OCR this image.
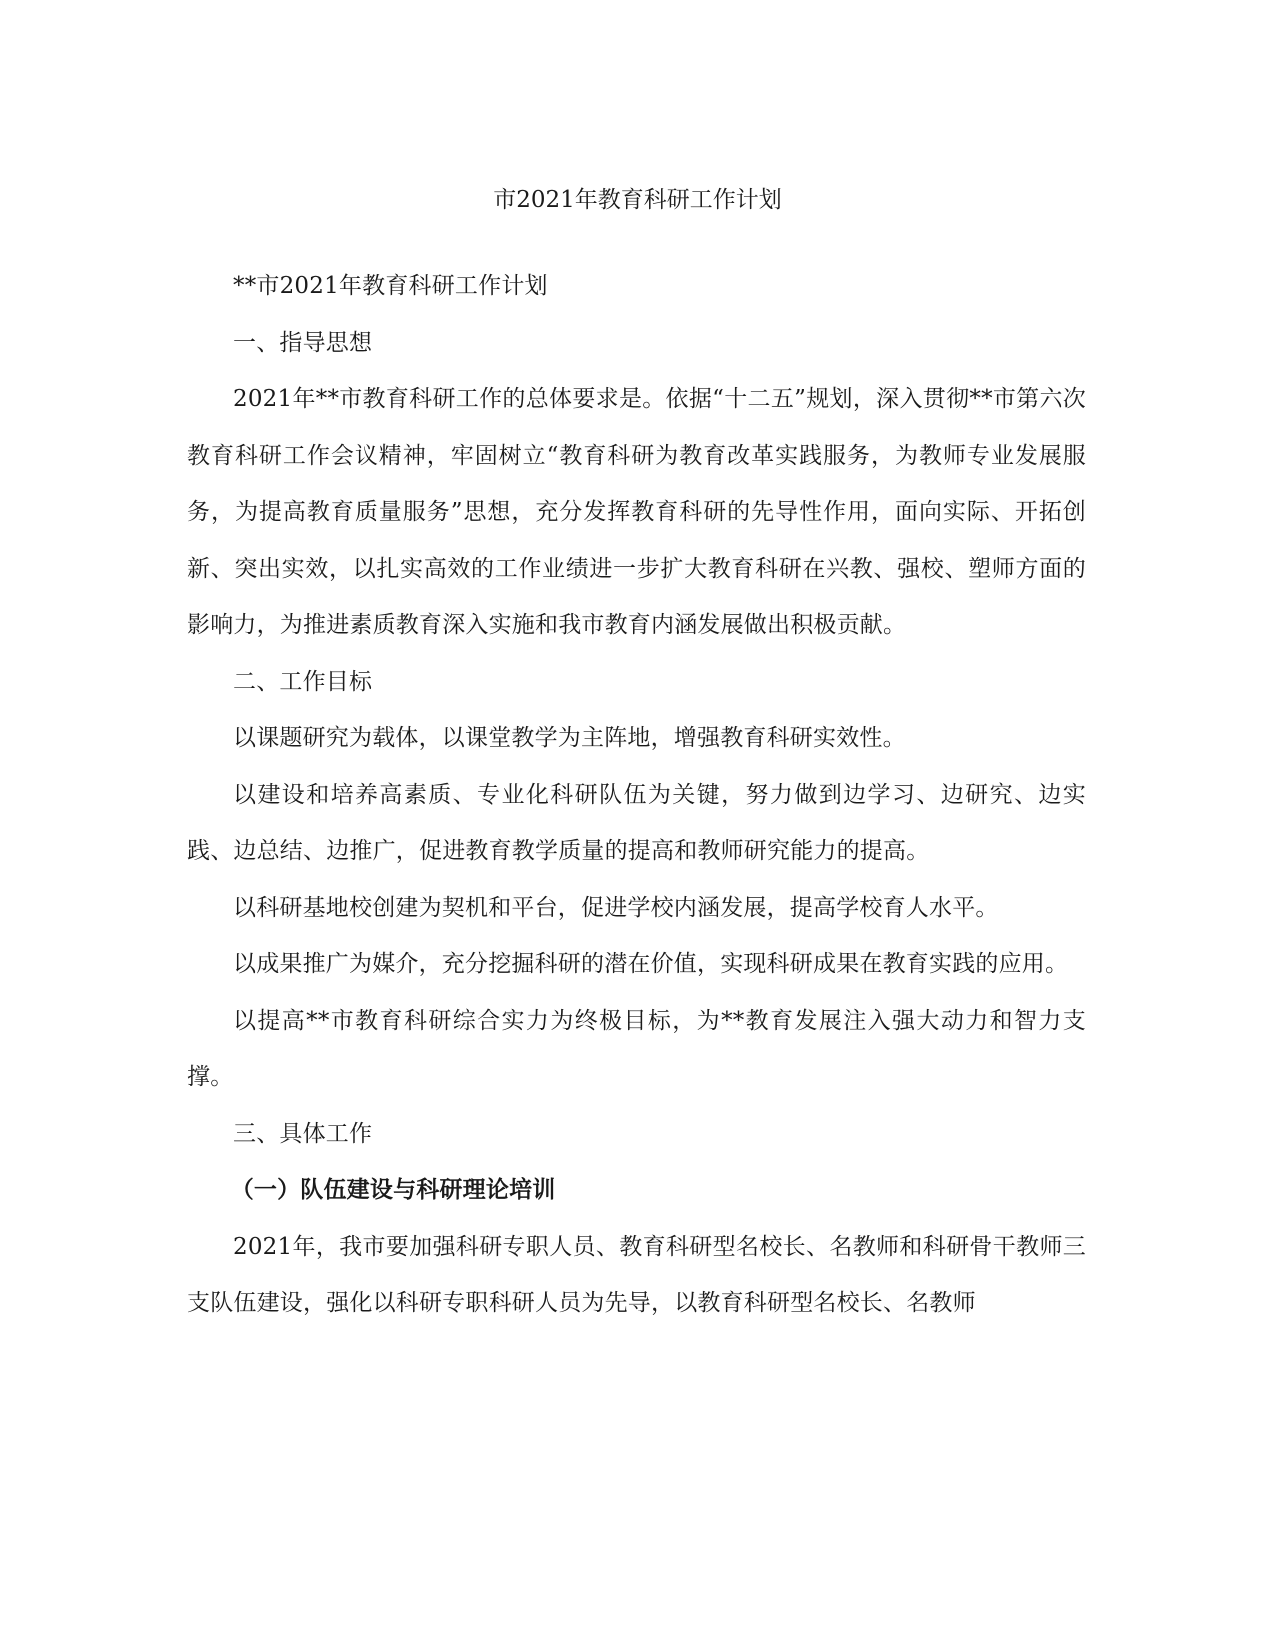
市2021年教育科研工作计划

**市2021年教育科研工作计划

一、指导思想

2021年**市教育科研工作的总体要求是。依据“十二五”规划，深入贯彻**市第六次教育科研工作会议精神，牢固树立“教育科研为教育改革实践服务，为教师专业发展服务，为提高教育质量服务”思想，充分发挥教育科研的先导性作用，面向实际、开拓创新、突出实效，以扎实高效的工作业绩进一步扩大教育科研在兴教、强校、塑师方面的影响力，为推进素质教育深入实施和我市教育内涵发展做出积极贡献。

二、工作目标

以课题研究为载体，以课堂教学为主阵地，增强教育科研实效性。

以建设和培养高素质、专业化科研队伍为关键，努力做到边学习、边研究、边实践、边总结、边推广，促进教育教学质量的提高和教师研究能力的提高。

以科研基地校创建为契机和平台，促进学校内涵发展，提高学校育人水平。

以成果推广为媒介，充分挖掘科研的潜在价值，实现科研成果在教育实践的应用。

以提高**市教育科研综合实力为终极目标，为**教育发展注入强大动力和智力支撑。

三、具体工作

（一）队伍建设与科研理论培训

2021年，我市要加强科研专职人员、教育科研型名校长、名教师和科研骨干教师三支队伍建设，强化以科研专职科研人员为先导，以教育科研型名校长、名教师
